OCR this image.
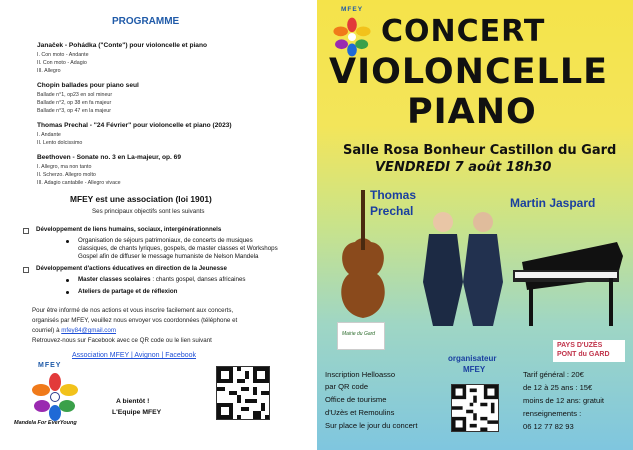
PROGRAMME
Janaček - Pohádka ("Conte") pour violoncelle et piano
I. Con moto - Andante
II. Con moto - Adagio
III. Allegro
Chopin ballades pour piano seul
Ballade n°1, op23 en sol mineur
Ballade n°2, op 38 en fa majeur
Ballade n°3, op 47 en la majeur
Thomas Prechal - "24 Février" pour violoncelle et piano (2023)
I. Andante
II. Lento dolcissimo
Beethoven - Sonate no. 3 en La-majeur, op. 69
I. Allegro, ma non tanto
II. Scherzo. Allegro molto
III. Adagio cantabile - Allegro vivace
MFEY est une association (loi 1901)
Ses principaux objectifs sont les suivants
Développement de liens humains, sociaux, intergénérationnels
Organisation de séjours patrimoniaux, de concerts de musiques
classiques, de chants lyriques, gospels, de master classes et Workshops
Gospel afin de diffuser le message humaniste de Nelson Mandela
Développement d'actions éducatives en direction de la Jeunesse
Master classes scolaires : chants gospel, danses africaines
Ateliers de partage et de réflexion
Pour être informé de nos actions et vous inscrire facilement aux concerts,
organisés par MFEY, veuillez nous envoyer vos coordonnées (téléphone et
courriel) à mfey84@gmail.com
Retrouvez-nous sur Facebook avec ce QR code ou le lien suivant
Association MFEY | Avignon | Facebook
MFEY
Mandela For EverYoung
A bientôt !
L'Equipe MFEY
MFEY
CONCERT
VIOLONCELLE
PIANO
Salle Rosa Bonheur Castillon du Gard
VENDREDI 7 août 18h30
Thomas
Prechal
Martin Jaspard
Mairie du Gard
PAYS D'UZÈS
PONT du GARD
Inscription Helloasso
par QR code
Office de tourisme
d'Uzès et Remoulins
Sur place le jour du concert
organisateur
MFEY
Tarif général : 20€
de 12 à 25 ans : 15€
moins de 12 ans: gratuit
renseignements :
06 12 77 82 93
